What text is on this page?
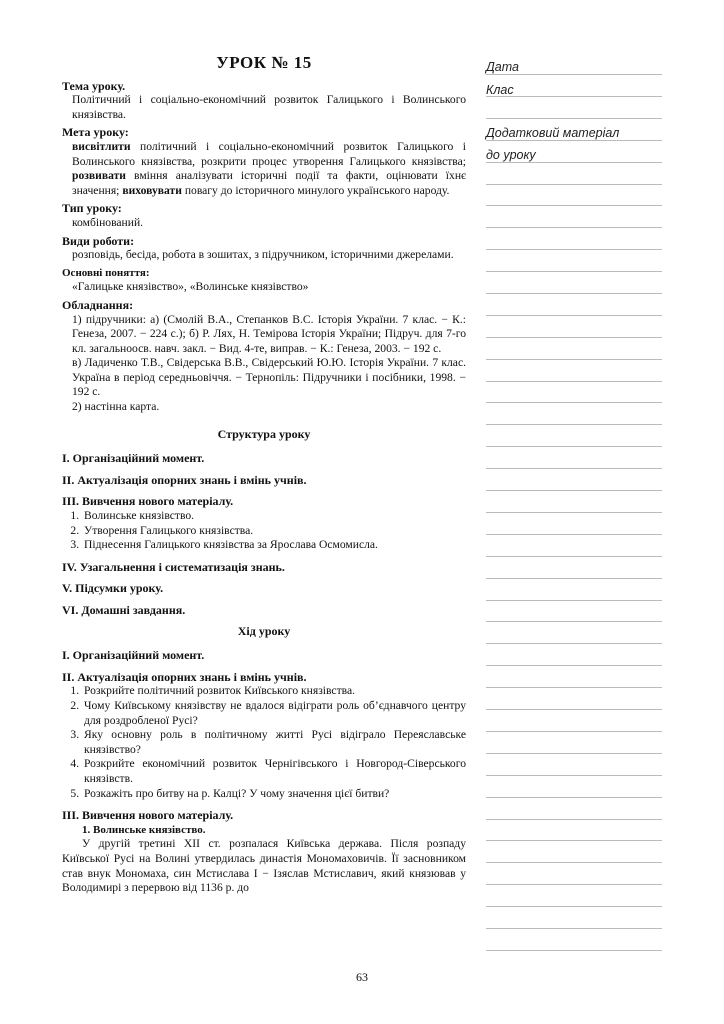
УРОК № 15
Тема уроку.
Політичний і соціально-економічний розвиток Галицького і Волинського князівства.
Мета уроку:
висвітлити політичний і соціально-економічний розвиток Галицького і Волинського князівства, розкрити процес утворення Галицького князівства; розвивати вміння аналізувати історичні події та факти, оцінювати їхнє значення; виховувати повагу до історичного минулого українського народу.
Тип уроку:
комбінований.
Види роботи:
розповідь, бесіда, робота в зошитах, з підручником, історичними джерелами.
Основні поняття:
«Галицьке князівство», «Волинське князівство»
Обладнання:
1) підручники: а) (Смолій В.А., Степанков В.С. Історія України. 7 клас. − К.: Генеза, 2007. − 224 с.); б) Р. Лях, Н. Темірова Історія України; Підруч. для 7-го кл. загальноосв. навч. закл. − Вид. 4-те, виправ. − К.: Генеза, 2003. − 192 с.
в) Ладиченко Т.В., Свідерська В.В., Свідерський Ю.Ю. Історія України. 7 клас. Україна в період середньовіччя. − Тернопіль: Підручники і посібники, 1998. − 192 с.
2) настінна карта.
Структура уроку
І. Організаційний момент.
ІІ. Актуалізація опорних знань і вмінь учнів.
ІІІ. Вивчення нового матеріалу.
1. Волинське князівство.
2. Утворення Галицького князівства.
3. Піднесення Галицького князівства за Ярослава Осмомисла.
IV. Узагальнення і систематизація знань.
V. Підсумки уроку.
VI. Домашні завдання.
Хід уроку
І. Організаційний момент.
ІІ. Актуалізація опорних знань і вмінь учнів.
1. Розкрийте політичний розвиток Київського князівства.
2. Чому Київському князівству не вдалося відіграти роль об’єднавчого центру для роздробленої Русі?
3. Яку основну роль в політичному житті Русі відіграло Переяславське князівство?
4. Розкрийте економічний розвиток Чернігівського і Новгород-Сіверського князівств.
5. Розкажіть про битву на р. Калці? У чому значення цієї битви?
ІІІ. Вивчення нового матеріалу.
1. Волинське князівство.
У другій третині ХІІ ст. розпалася Київська держава. Після розпаду Київської Русі на Волині утвердилась династія Мономаховичів. Її засновником став внук Мономаха, син Мстислава І − Ізяслав Мстиславич, який князював у Володимирі з перервою від 1136 р. до
63
Дата
Клас
Додатковий матеріал
до уроку
